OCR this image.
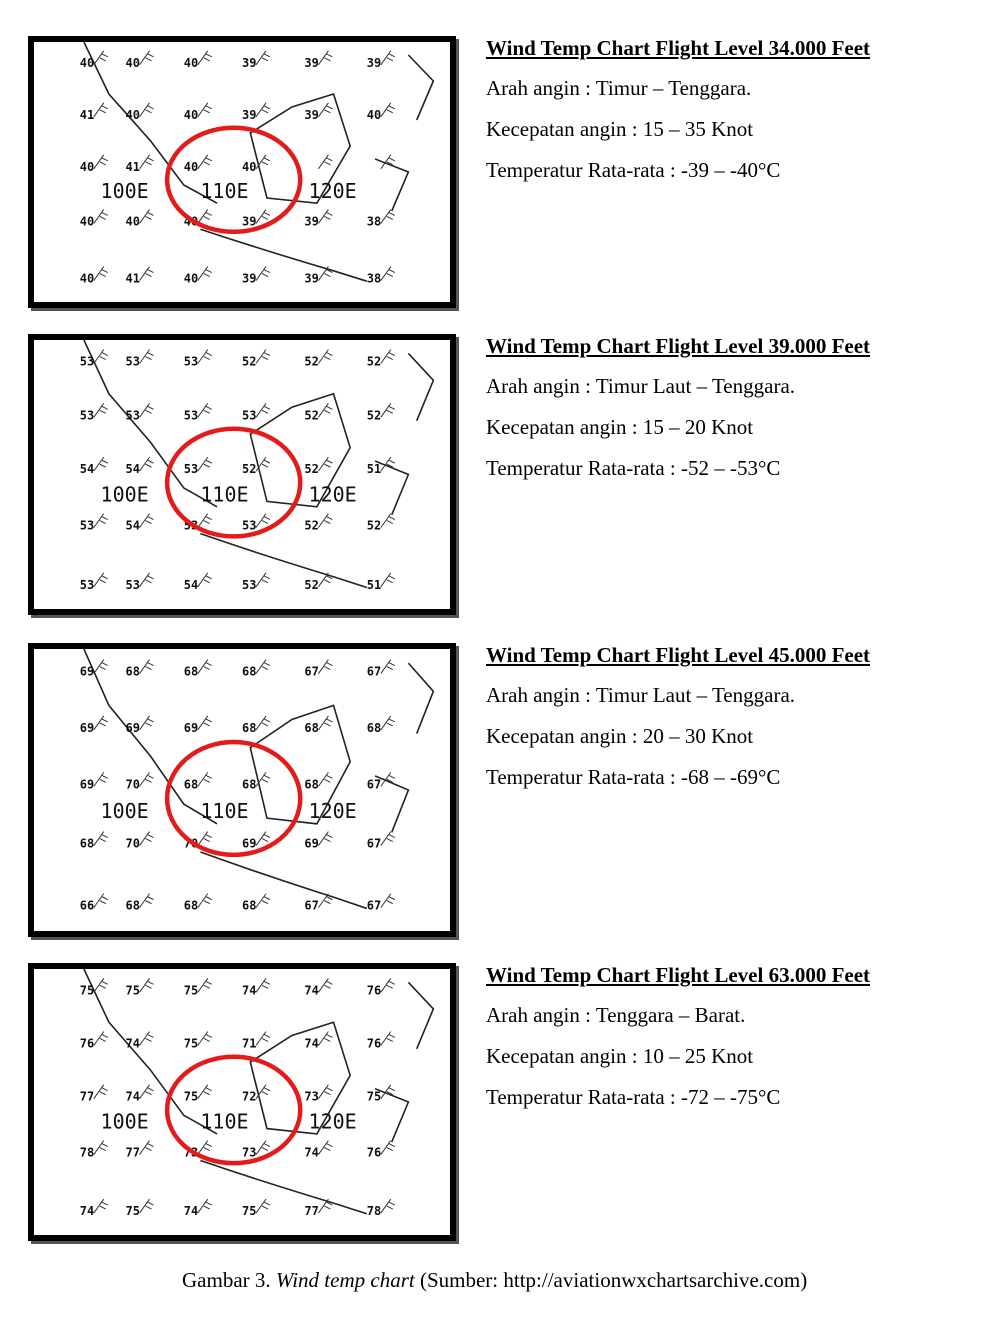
40	40	40	39	39	39
41	40	40	39	39	40
40	41	40	40
40	40	40	39	39	38
40	41	40	39	39	38
100E	110E	120E
Wind Temp Chart Flight Level 34.000 Feet
Arah angin : Timur – Tenggara.
Kecepatan angin : 15 – 35 Knot
Temperatur Rata-rata : -39 – -40°C
53	53	53	52	52	52
53	53	53	53	52	52
54	54	53	52	52	51
53	54	53	53	52	52
53	53	54	53	52	51
100E	110E	120E
Wind Temp Chart Flight Level 39.000 Feet
Arah angin : Timur Laut – Tenggara.
Kecepatan angin : 15 – 20 Knot
Temperatur Rata-rata : -52 – -53°C
69	68	68	68	67	67
69	69	69	68	68	68
69	70	68	68	68	67
68	70	70	69	69	67
66	68	68	68	67	67
100E	110E	120E
Wind Temp Chart Flight Level 45.000 Feet
Arah angin : Timur Laut – Tenggara.
Kecepatan angin : 20 – 30 Knot
Temperatur Rata-rata : -68 – -69°C
75	75	75	74	74	76
76	74	75	71	74	76
77	74	75	72	73	75
78	77	73	73	74	76
74	75	74	75	77	78
100E	110E	120E
Wind Temp Chart Flight Level 63.000 Feet
Arah angin : Tenggara – Barat.
Kecepatan angin : 10 – 25 Knot
Temperatur Rata-rata : -72 – -75°C
Gambar 3. Wind temp chart (Sumber: http://aviationwxchartsarchive.com)
